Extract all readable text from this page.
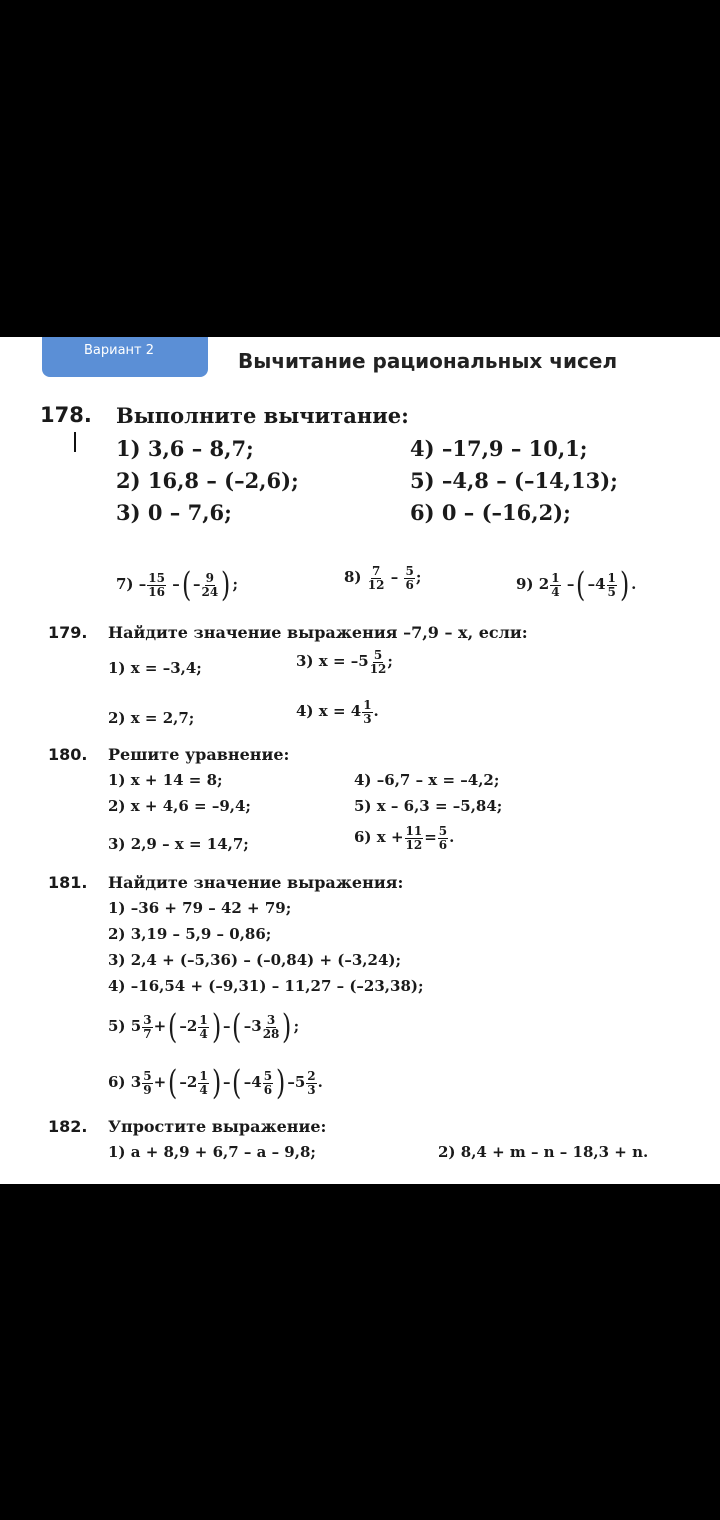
Вариант 2	Вычитание рациональных чисел
178. Выполните вычитание:
1) 3,6 – 8,7;
2) 16,8 – (–2,6);
3) 0 – 7,6;
4) –17,9 – 10,1;
5) –4,8 – (–14,13);
6) 0 – (–16,2);
$7) - \frac{15}{16}$ –( – $\frac{9}{24}$ ) ;	$8) \frac{7}{12} - \frac{5}{6}$ ;	9) $2 \frac{1}{4}$ –( $-4 \frac{1}{5}$ ) .
179. Найдите значение выражения –7,9 – x, если:
1) x = –3,4;	3) $x = -5 \frac{5}{12}$ ;
2) x = 2,7;	4) $x = 4 \frac{1}{3}$ .
180. Решите уравнение:
1) x + 14 = 8;
2) x + 4,6 = –9,4;
3) 2,9 – x = 14,7;
4) –6,7 – x = –4,2;
5) x – 6,3 = –5,84;
6) $x + \frac{11}{12} = \frac{5}{6}$ .
181. Найдите значение выражения:
1) –36 + 79 – 42 + 79;
2) 3,19 – 5,9 – 0,86;
3) 2,4 + (–5,36) – (–0,84) + (–3,24);
4) –16,54 + (–9,31) – 11,27 – (–23,38);
5) $5 \frac{3}{7}$ +( $-2 \frac{1}{4}$ ) –( $-3 \frac{3}{28}$ ) ;
6) $3 \frac{5}{9}$ +( $-2 \frac{1}{4}$ ) –( $-4 \frac{5}{6}$ ) $-5 \frac{2}{3}$ .
182. Упростите выражение:
1) a + 8,9 + 6,7 – a – 9,8;	2) 8,4 + m – n – 18,3 + n.
